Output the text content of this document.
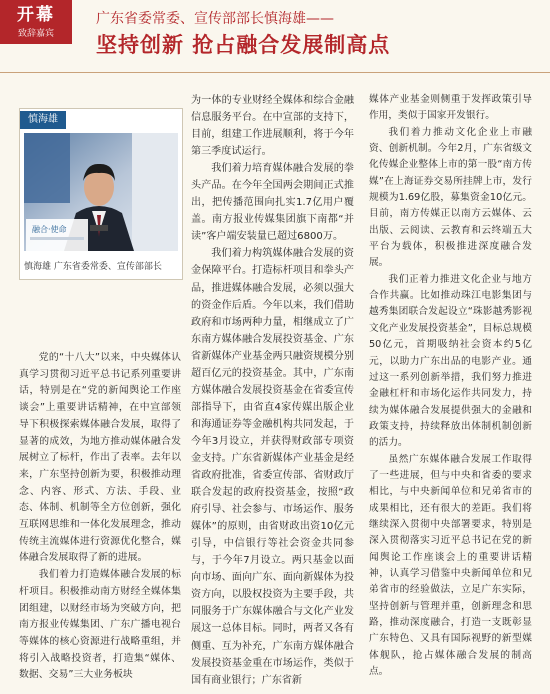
开幕
致辞嘉宾
广东省委常委、宣传部部长慎海雄——
坚持创新 抢占融合发展制高点
慎海雄
融合·使命
慎海雄 广东省委常委、宣传部部长

党的“十八大”以来，中央媒体认真学习贯彻习近平总书记系列重要讲话，特别是在“党的新闻舆论工作座谈会”上重要讲话精神，在中宣部领导下积极探索媒体融合发展，取得了显著的成效，为地方推动媒体融合发展树立了标杆，作出了表率。去年以来，广东坚持创新为要，积极推动理念、内容、形式、方法、手段、业态、体制、机制等全方位创新，强化互联网思维和一体化发展理念，推动传统主流媒体进行资源优化整合，媒体融合发展取得了新的进展。

我们着力打造媒体融合发展的标杆项目。积极推动南方财经全媒体集团组建，以财经市场为突破方向，把南方报业传媒集团、广东广播电视台等媒体的核心资源进行战略重组，并将引入战略投资者，打造集“媒体、数据、交易”三大业务板块

为一体的专业财经全媒体和综合金融信息服务平台。在中宣部的支持下，目前，组建工作进展顺利，将于今年第三季度试运行。

我们着力培育媒体融合发展的拳头产品。在今年全国两会期间正式推出，把传播范围向扎实1.7亿用户覆盖。南方报业传媒集团旗下南都“并读”客户端安装量已超过6800万。

我们着力构筑媒体融合发展的资金保障平台。打造标杆项目和拳头产品，推进媒体融合发展，必须以强大的资金作后盾。今年以来，我们借助政府和市场两种力量，相继成立了广东南方媒体融合发展投资基金、广东省新媒体产业基金两只融资规模分别超百亿元的投资基金。其中，广东南方媒体融合发展投资基金在省委宣传部指导下，由省直4家传媒出版企业和海通证券等金融机构共同发起，于今年3月设立，并获得财政部专项资金支持。广东省新媒体产业基金是经省政府批准，省委宣传部、省财政厅联合发起的政府投资基金，按照“政府引导、社会参与、市场运作、服务媒体”的原则，由省财政出资10亿元引导，中信银行等社会资金共同参与，于今年7月设立。两只基金以面向市场、面向广东、面向新媒体为投资方向，以股权投资为主要手段，共同服务于广东媒体融合与文化产业发展这一总体目标。同时，两者又各有侧重、互为补充，广东南方媒体融合发展投资基金重在市场运作，类似于国有商业银行；广东省新

媒体产业基金则侧重于发挥政策引导作用，类似于国家开发银行。

我们着力推动文化企业上市融资、创新机制。今年2月，广东省级文化传媒企业整体上市的第一股“南方传媒”在上海证券交易所挂牌上市，发行规模为1.69亿股，募集资金10亿元。目前，南方传媒正以南方云媒体、云出版、云阅读、云教育和云终端五大平台为载体，积极推进深度融合发展。

我们正着力推进文化企业与地方合作共赢。比如推动珠江电影集团与越秀集团联合发起设立“珠影越秀影视文化产业发展投资基金”，目标总规模50亿元，首期吸纳社会资本约5亿元，以助力广东出品的电影产业。通过这一系列创新举措，我们努力推进金融杠杆和市场化运作共同发力，持续为媒体融合发展提供强大的金融和政策支持，持续释放出体制机制创新的活力。

虽然广东媒体融合发展工作取得了一些进展，但与中央和省委的要求相比，与中央新闻单位和兄弟省市的成果相比，还有很大的差距。我们将继续深入贯彻中央部署要求，特别是深入贯彻落实习近平总书记在党的新闻舆论工作座谈会上的重要讲话精神，认真学习借鉴中央新闻单位和兄弟省市的经验做法，立足广东实际，坚持创新与管理并重，创新理念和思路，推动深度融合，打造一支既彰显广东特色、又具有国际视野的新型媒体舰队，抢占媒体融合发展的制高点。
